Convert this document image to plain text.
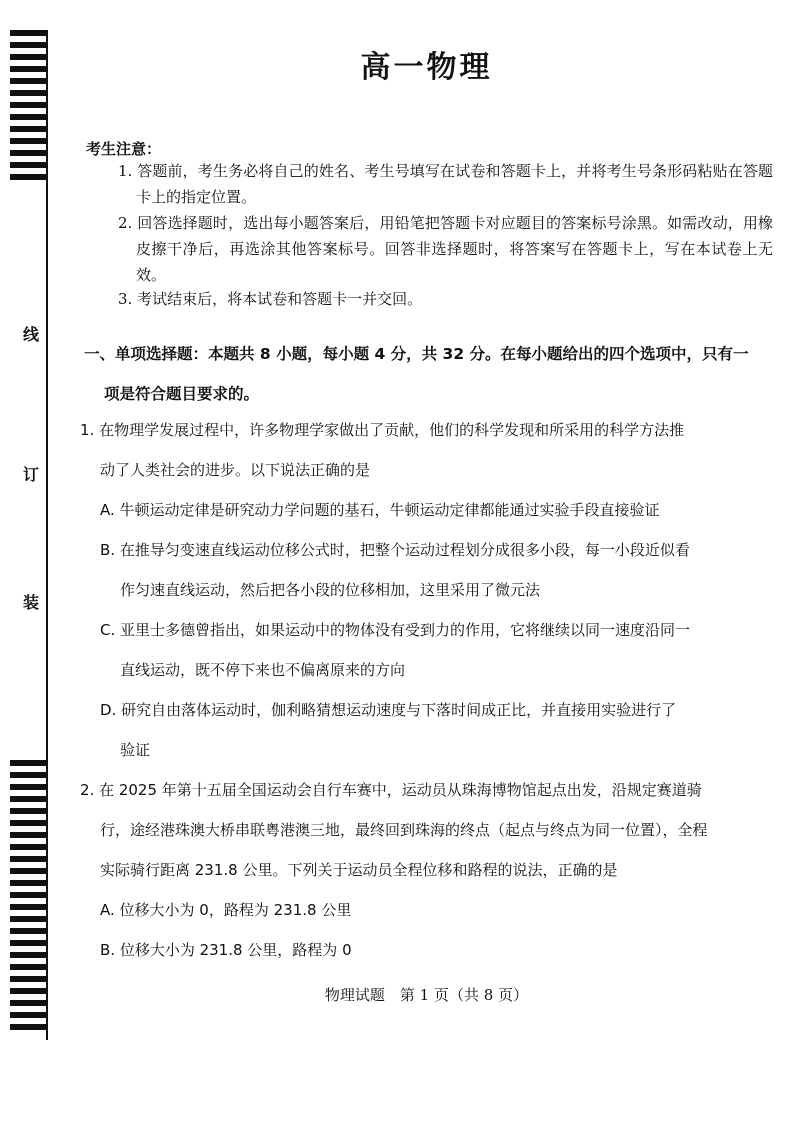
线
订
装
高一物理
考生注意：
1. 答题前，考生务必将自己的姓名、考生号填写在试卷和答题卡上，并将考生号条形码粘贴在答题卡上的指定位置。
2. 回答选择题时，选出每小题答案后，用铅笔把答题卡对应题目的答案标号涂黑。如需改动，用橡皮擦干净后，再选涂其他答案标号。回答非选择题时，将答案写在答题卡上，写在本试卷上无效。
3. 考试结束后，将本试卷和答题卡一并交回。
一、单项选择题：本题共 8 小题，每小题 4 分，共 32 分。在每小题给出的四个选项中，只有一
项是符合题目要求的。
1. 在物理学发展过程中，许多物理学家做出了贡献，他们的科学发现和所采用的科学方法推
动了人类社会的进步。以下说法正确的是
A. 牛顿运动定律是研究动力学问题的基石，牛顿运动定律都能通过实验手段直接验证
B. 在推导匀变速直线运动位移公式时，把整个运动过程划分成很多小段，每一小段近似看
作匀速直线运动，然后把各小段的位移相加，这里采用了微元法
C. 亚里士多德曾指出，如果运动中的物体没有受到力的作用，它将继续以同一速度沿同一
直线运动，既不停下来也不偏离原来的方向
D. 研究自由落体运动时，伽利略猜想运动速度与下落时间成正比，并直接用实验进行了
验证
2. 在 2025 年第十五届全国运动会自行车赛中，运动员从珠海博物馆起点出发，沿规定赛道骑
行，途经港珠澳大桥串联粤港澳三地，最终回到珠海的终点（起点与终点为同一位置），全程
实际骑行距离 231.8 公里。下列关于运动员全程位移和路程的说法，正确的是
A. 位移大小为 0，路程为 231.8 公里
B. 位移大小为 231.8 公里，路程为 0
物理试题　第 1 页（共 8 页）
